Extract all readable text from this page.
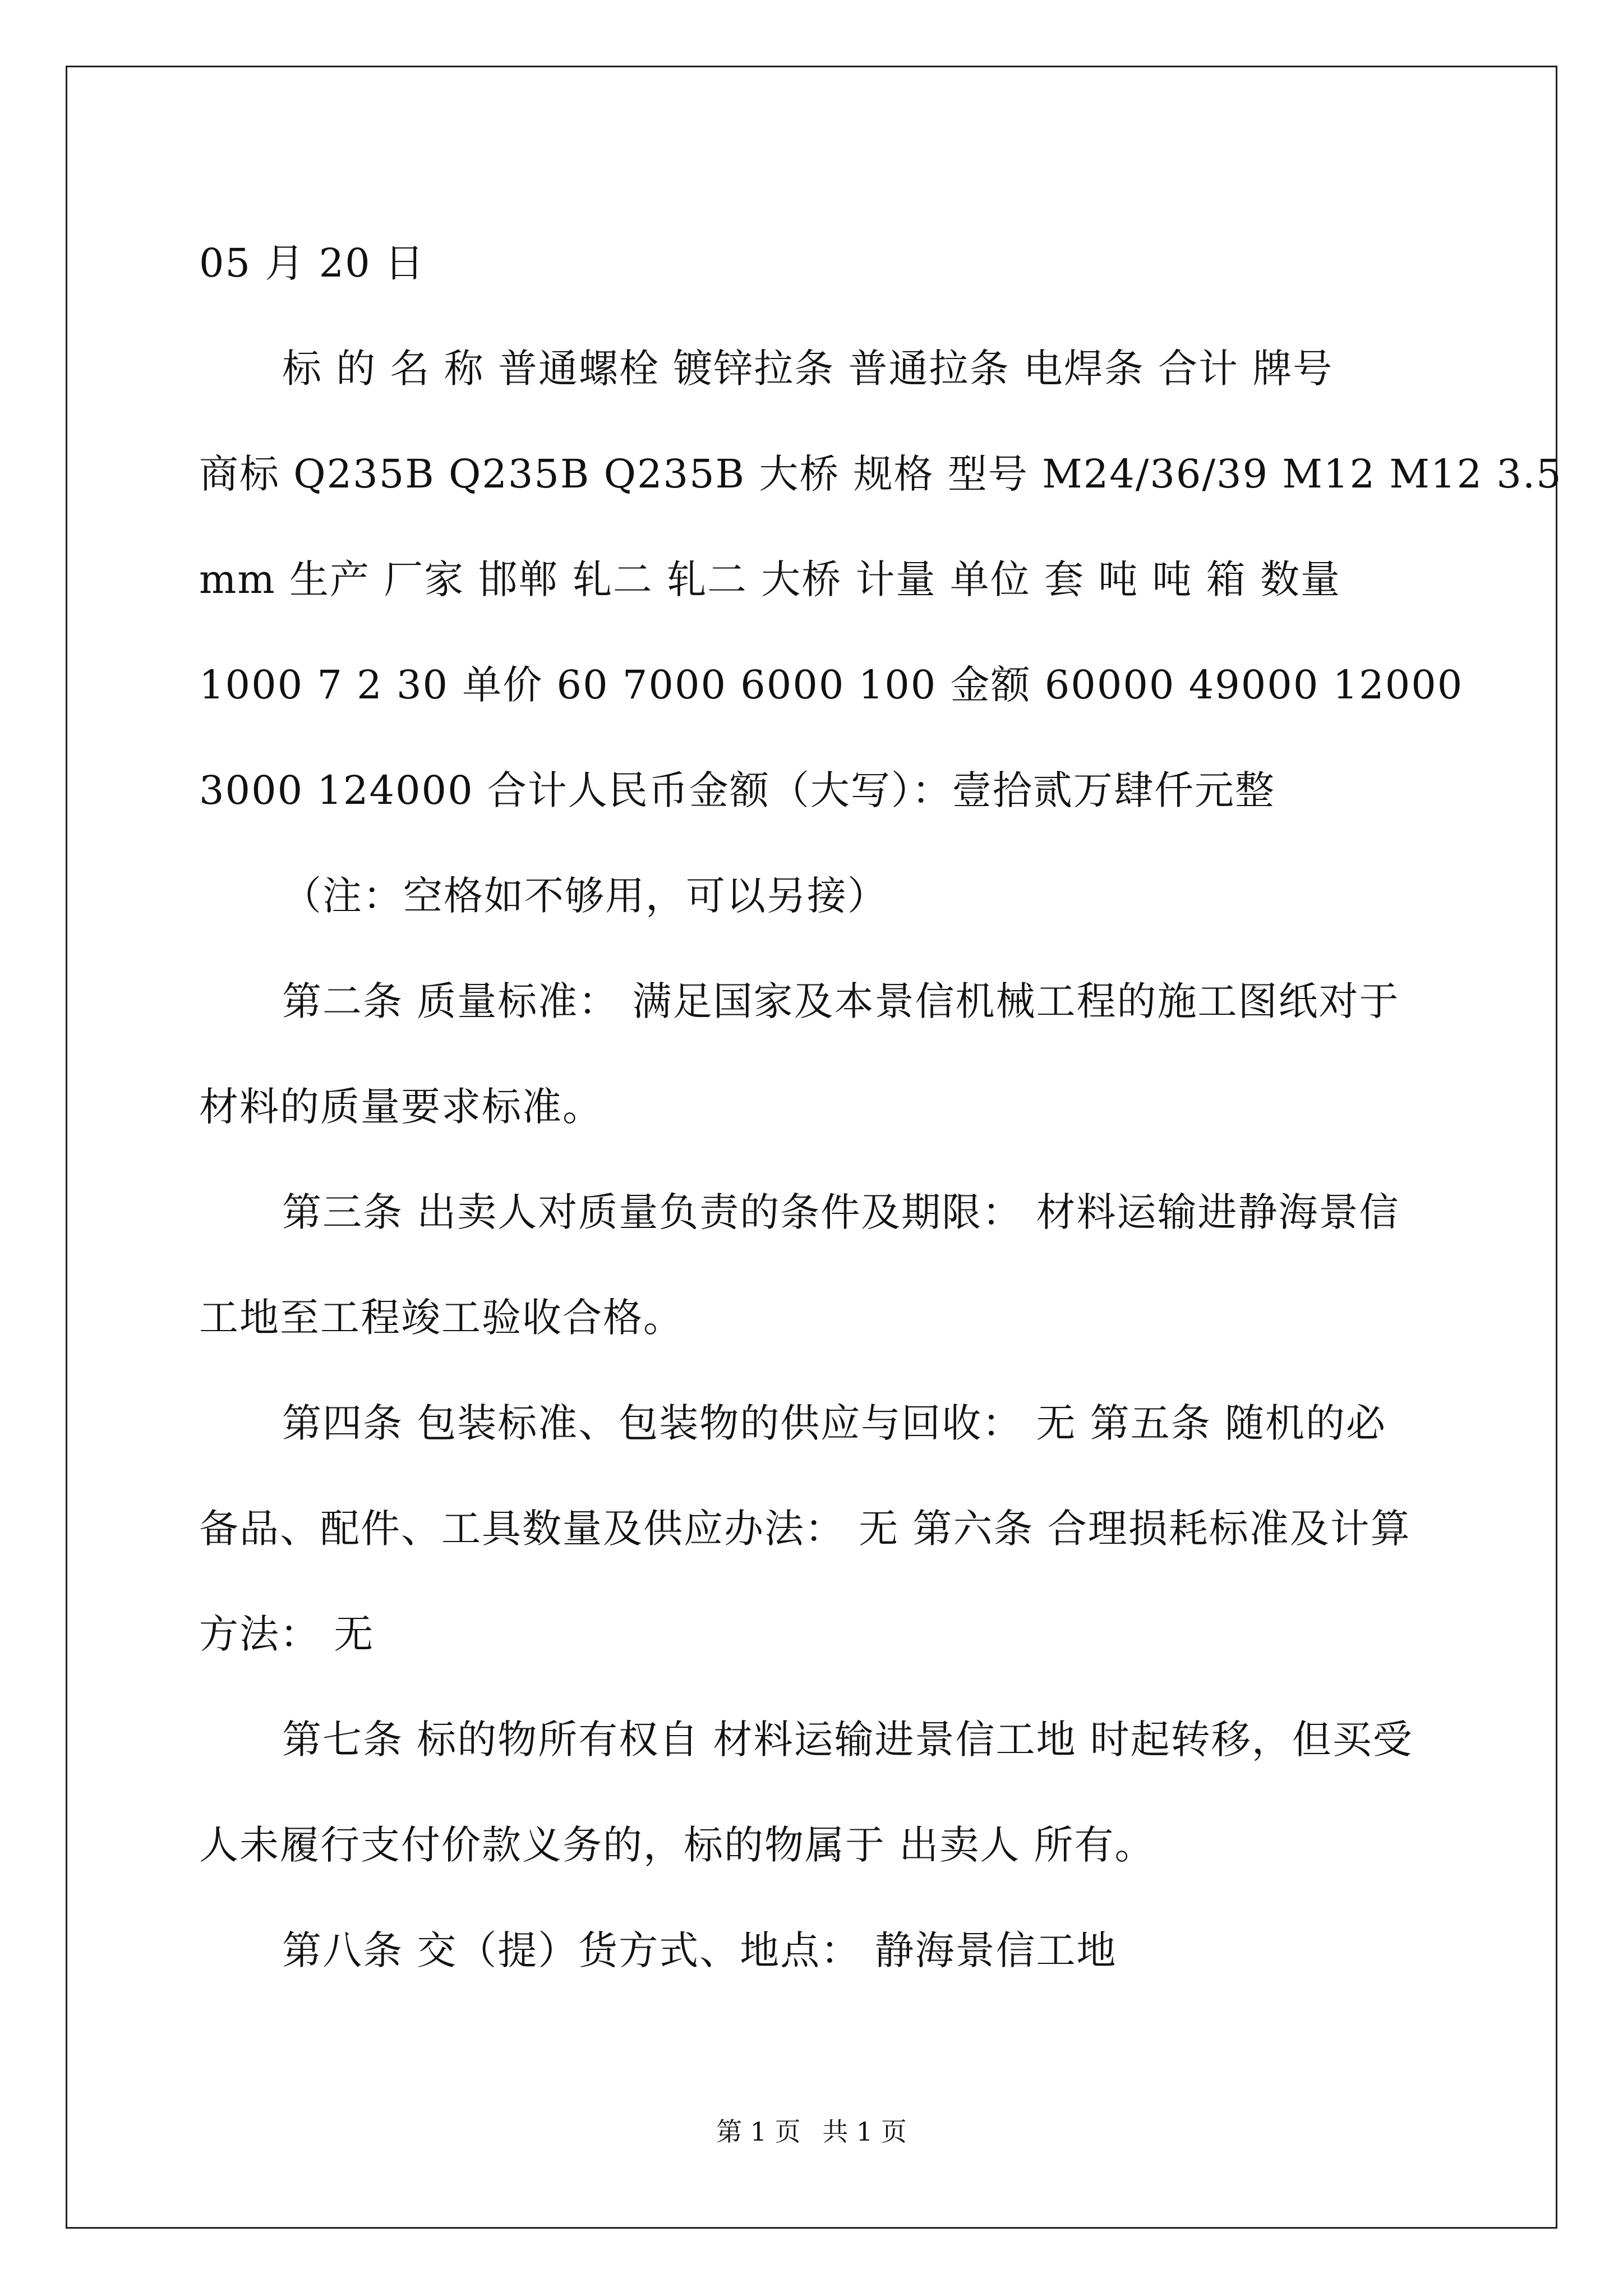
05 月 20 日
标 的 名 称 普通螺栓 镀锌拉条 普通拉条 电焊条 合计 牌号
商标 Q235B Q235B Q235B 大桥 规格 型号 M24/36/39 M12 M12 3.5
mm 生产 厂家 邯郸 轧二 轧二 大桥 计量 单位 套 吨 吨 箱 数量
1000 7 2 30 单价 60 7000 6000 100 金额 60000 49000 12000
3000 124000 合计人民币金额（大写）：壹拾贰万肆仟元整
（注：空格如不够用，可以另接）
第二条 质量标准： 满足国家及本景信机械工程的施工图纸对于
材料的质量要求标准。
第三条 出卖人对质量负责的条件及期限： 材料运输进静海景信
工地至工程竣工验收合格。
第四条 包装标准、包装物的供应与回收： 无 第五条 随机的必
备品、配件、工具数量及供应办法： 无 第六条 合理损耗标准及计算
方法： 无
第七条 标的物所有权自 材料运输进景信工地 时起转移，但买受
人未履行支付价款义务的，标的物属于 出卖人 所有。
第八条 交（提）货方式、地点： 静海景信工地
第 1 页 共 1 页
